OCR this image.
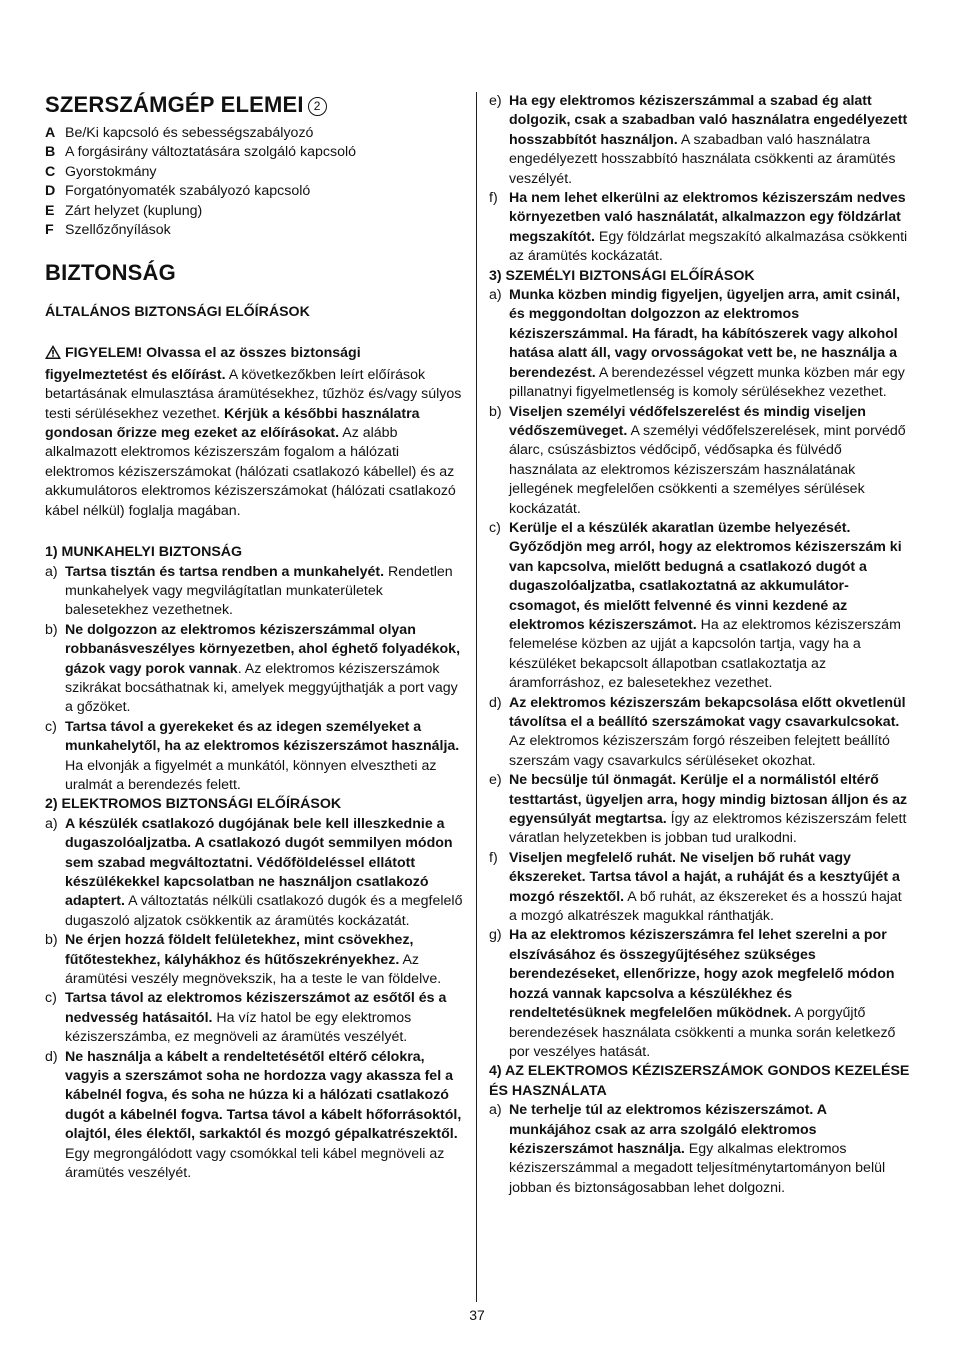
SZERSZÁMGÉP ELEMEI 2
A Be/Ki kapcsoló és sebességszabályozó
B A forgásirány változtatására szolgáló kapcsoló
C Gyorstokmány
D Forgatónyomaték szabályozó kapcsoló
E Zárt helyzet (kuplung)
F Szellőzőnyílások
BIZTONSÁG
ÁLTALÁNOS BIZTONSÁGI ELŐÍRÁSOK

FIGYELEM! Olvassa el az összes biztonsági figyelmeztetést és előírást. A következőkben leírt előírások betartásának elmulasztása áramütésekhez, tűzhöz és/vagy súlyos testi sérülésekhez vezethet. Kérjük a későbbi használatra gondosan őrizze meg ezeket az előírásokat. Az alább alkalmazott elektromos kéziszerszám fogalom a hálózati elektromos kéziszerszámokat (hálózati csatlakozó kábellel) és az akkumulátoros elektromos kéziszerszámokat (hálózati csatlakozó kábel nélkül) foglalja magában.

1) MUNKAHELYI BIZTONSÁG
a) Tartsa tisztán és tartsa rendben a munkahelyét. Rendetlen munkahelyek vagy megvilágítatlan munkaterületek balesetekhez vezethetnek.
b) Ne dolgozzon az elektromos kéziszerszámmal olyan robbanásveszélyes környezetben, ahol éghető folyadékok, gázok vagy porok vannak. Az elektromos kéziszerszámok szikrákat bocsáthatnak ki, amelyek meggyújthatják a port vagy a gőzöket.
c) Tartsa távol a gyerekeket és az idegen személyeket a munkahelytől, ha az elektromos kéziszerszámot használja. Ha elvonják a figyelmét a munkától, könnyen elvesztheti az uralmát a berendezés felett.
2) ELEKTROMOS BIZTONSÁGI ELŐÍRÁSOK
a) A készülék csatlakozó dugójának bele kell illeszkednie a dugaszolóaljzatba. A csatlakozó dugót semmilyen módon sem szabad megváltoztatni. Védőföldeléssel ellátott készülékekkel kapcsolatban ne használjon csatlakozó adaptert. A változtatás nélküli csatlakozó dugók és a megfelelő dugaszoló aljzatok csökkentik az áramütés kockázatát.
b) Ne érjen hozzá földelt felületekhez, mint csövekhez, fűtőtestekhez, kályhákhoz és hűtőszekrényekhez. Az áramütési veszély megnövekszik, ha a teste le van földelve.
c) Tartsa távol az elektromos kéziszerszámot az esőtől és a nedvesség hatásaitól. Ha víz hatol be egy elektromos kéziszerszámba, ez megnöveli az áramütés veszélyét.
d) Ne használja a kábelt a rendeltetésétől eltérő célokra, vagyis a szerszámot soha ne hordozza vagy akassza fel a kábelnél fogva, és soha ne húzza ki a hálózati csatlakozó dugót a kábelnél fogva. Tartsa távol a kábelt hőforrásoktól, olajtól, éles élektől, sarkaktól és mozgó gépalkatrészektől. Egy megrongálódott vagy csomókkal teli kábel megnöveli az áramütés veszélyét.
e) Ha egy elektromos kéziszerszámmal a szabad ég alatt dolgozik, csak a szabadban való használatra engedélyezett hosszabbítót használjon. A szabadban való használatra engedélyezett hosszabbító használata csökkenti az áramütés veszélyét.
f) Ha nem lehet elkerülni az elektromos kéziszerszám nedves környezetben való használatát, alkalmazzon egy földzárlat megszakítót. Egy földzárlat megszakító alkalmazása csökkenti az áramütés kockázatát.
3) SZEMÉLYI BIZTONSÁGI ELŐÍRÁSOK
a) Munka közben mindig figyeljen, ügyeljen arra, amit csinál, és meggondoltan dolgozzon az elektromos kéziszerszámmal. Ha fáradt, ha kábítószerek vagy alkohol hatása alatt áll, vagy orvosságokat vett be, ne használja a berendezést. A berendezéssel végzett munka közben már egy pillanatnyi figyelmetlenség is komoly sérülésekhez vezethet.
b) Viseljen személyi védőfelszerelést és mindig viseljen védőszemüveget. A személyi védőfelszerelések, mint porvédő álarc, csúszásbiztos védőcipő, védősapka és fülvédő használata az elektromos kéziszerszám használatának jellegének megfelelően csökkenti a személyes sérülések kockázatát.
c) Kerülje el a készülék akaratlan üzembe helyezését. Győződjön meg arról, hogy az elektromos kéziszerszám ki van kapcsolva, mielőtt bedugná a csatlakozó dugót a dugaszolóaljzatba, csatlakoztatná az akkumulátor-csomagot, és mielőtt felvenné és vinni kezdené az elektromos kéziszerszámot. Ha az elektromos kéziszerszám felemelése közben az ujját a kapcsolón tartja, vagy ha a készüléket bekapcsolt állapotban csatlakoztatja az áramforráshoz, ez balesetekhez vezethet.
d) Az elektromos kéziszerszám bekapcsolása előtt okvetlenül távolítsa el a beállító szerszámokat vagy csavarkulcsokat. Az elektromos kéziszerszám forgó részeiben felejtett beállító szerszám vagy csavarkulcs sérüléseket okozhat.
e) Ne becsülje túl önmagát. Kerülje el a normálistól eltérő testtartást, ügyeljen arra, hogy mindig biztosan álljon és az egyensúlyát megtartsa. Így az elektromos kéziszerszám felett váratlan helyzetekben is jobban tud uralkodni.
f) Viseljen megfelelő ruhát. Ne viseljen bő ruhát vagy ékszereket. Tartsa távol a haját, a ruháját és a kesztyűjét a mozgó részektől. A bő ruhát, az ékszereket és a hosszú hajat a mozgó alkatrészek magukkal ránthatják.
g) Ha az elektromos kéziszerszámra fel lehet szerelni a por elszívásához és összegyűjtéséhez szükséges berendezéseket, ellenőrizze, hogy azok megfelelő módon hozzá vannak kapcsolva a készülékhez és rendeltetésüknek megfelelően működnek. A porgyűjtő berendezések használata csökkenti a munka során keletkező por veszélyes hatását.
4) AZ ELEKTROMOS KÉZISZERSZÁMOK GONDOS KEZELÉSE ÉS HASZNÁLATA
a) Ne terhelje túl az elektromos kéziszerszámot. A munkájához csak az arra szolgáló elektromos kéziszerszámot használja. Egy alkalmas elektromos kéziszerszámmal a megadott teljesítménytartományon belül jobban és biztonságosabban lehet dolgozni.
37
